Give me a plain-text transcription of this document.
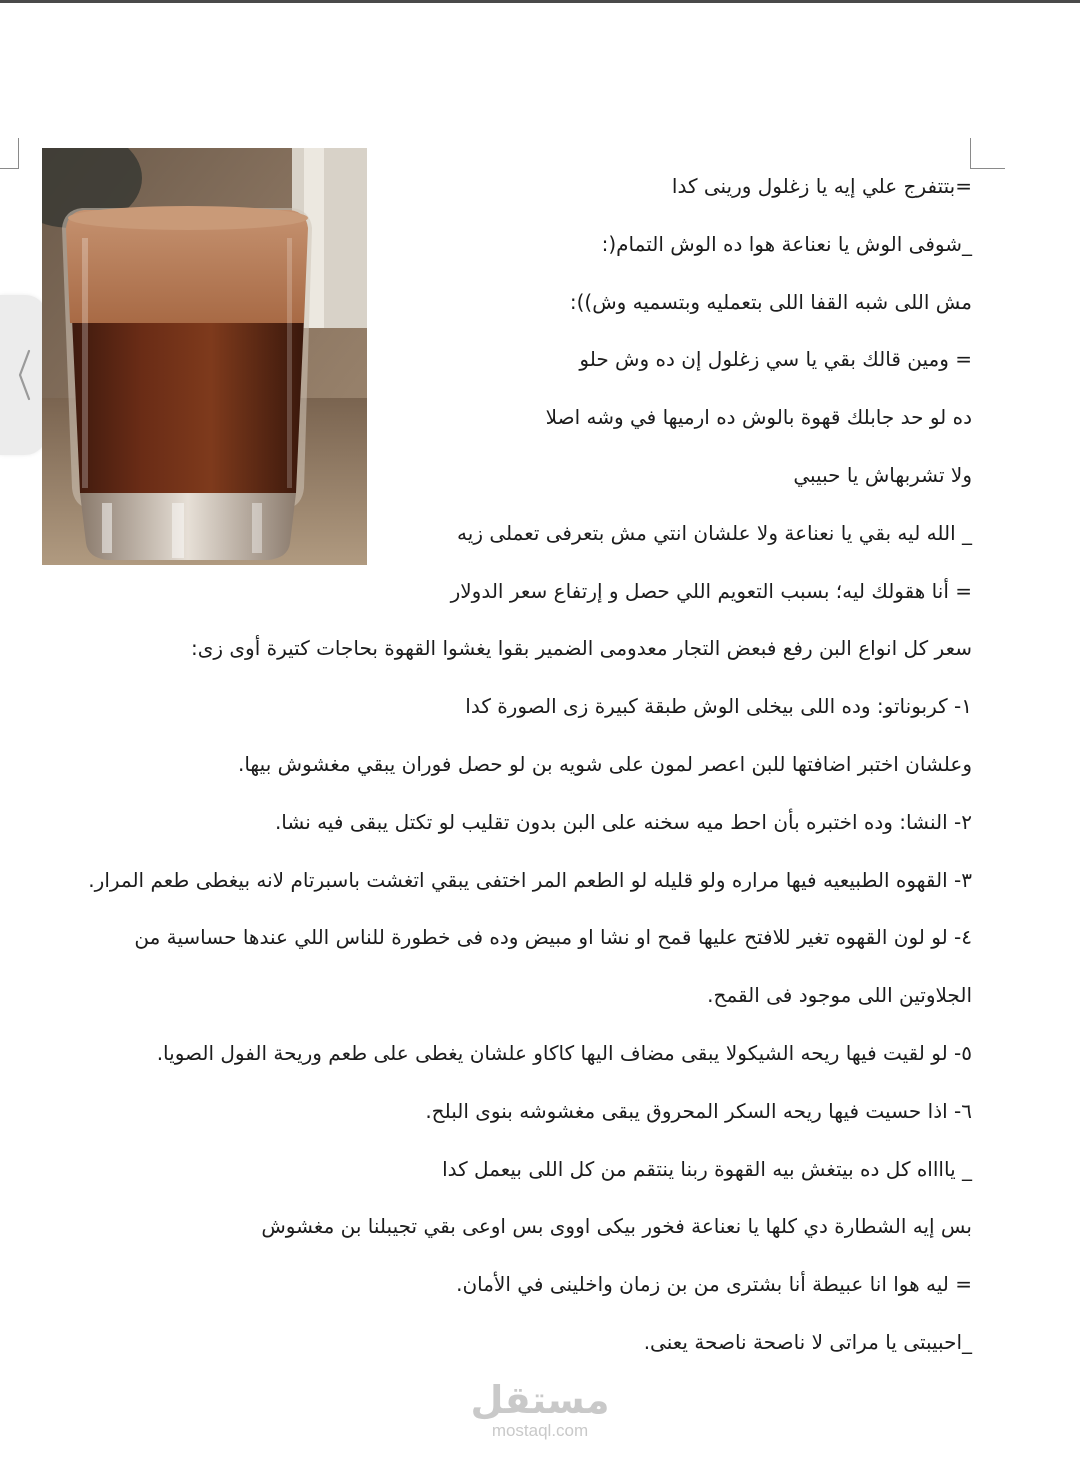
=بتتفرج علي إيه يا زغلول ورينى كدا
_شوفى الوش يا نعناعة هوا ده الوش التمام(:
مش اللى شبه القفا اللى بتعمليه وبتسميه وش)):
= ومين قالك بقي يا سي زغلول إن ده وش حلو
ده لو حد جابلك قهوة بالوش ده ارميها في وشه اصلا
ولا تشربهاش يا حبيبي
_ الله ليه بقي يا نعناعة ولا علشان انتي مش بتعرفى تعملى زيه
= أنا هقولك ليه؛ بسبب التعويم اللي حصل و إرتفاع سعر الدولار
سعر كل انواع البن رفع فبعض التجار معدومى الضمير بقوا يغشوا القهوة بحاجات كتيرة أوى زى:
١- كربوناتو: وده اللى بيخلى الوش طبقة كبيرة زى الصورة كدا
وعلشان اختبر اضافتها للبن اعصر لمون على شويه بن لو حصل فوران يبقي مغشوش بيها.
٢- النشا: وده اختبره بأن احط ميه سخنه على البن بدون تقليب لو تكتل يبقى فيه نشا.
٣- القهوه الطبيعيه فيها مراره ولو قليله لو الطعم المر اختفى يبقي اتغشت باسبرتام لانه بيغطى طعم المرار.
٤- لو لون القهوه تغير للافتح عليها قمح او نشا او مبيض وده فى خطورة للناس اللي عندها حساسية من
الجلاوتين اللى موجود فى القمح.
٥- لو لقيت فيها ريحه الشيكولا يبقى مضاف اليها كاكاو علشان يغطى على طعم وريحة الفول الصويا.
٦- اذا حسيت فيها ريحه السكر المحروق يبقى مغشوشه بنوى البلح.
_ يااااه كل ده بيتغش بيه القهوة ربنا ينتقم من كل اللى بيعمل كدا
بس إيه الشطارة دي كلها يا نعناعة فخور بيكى اووى بس اوعى بقي تجيبلنا بن مغشوش
= ليه هوا انا عبيطة أنا بشترى من بن زمان واخلينى في الأمان.
_احبيبتى يا مراتى لا ناصحة ناصحة يعنى.
مستقل
mostaql.com
